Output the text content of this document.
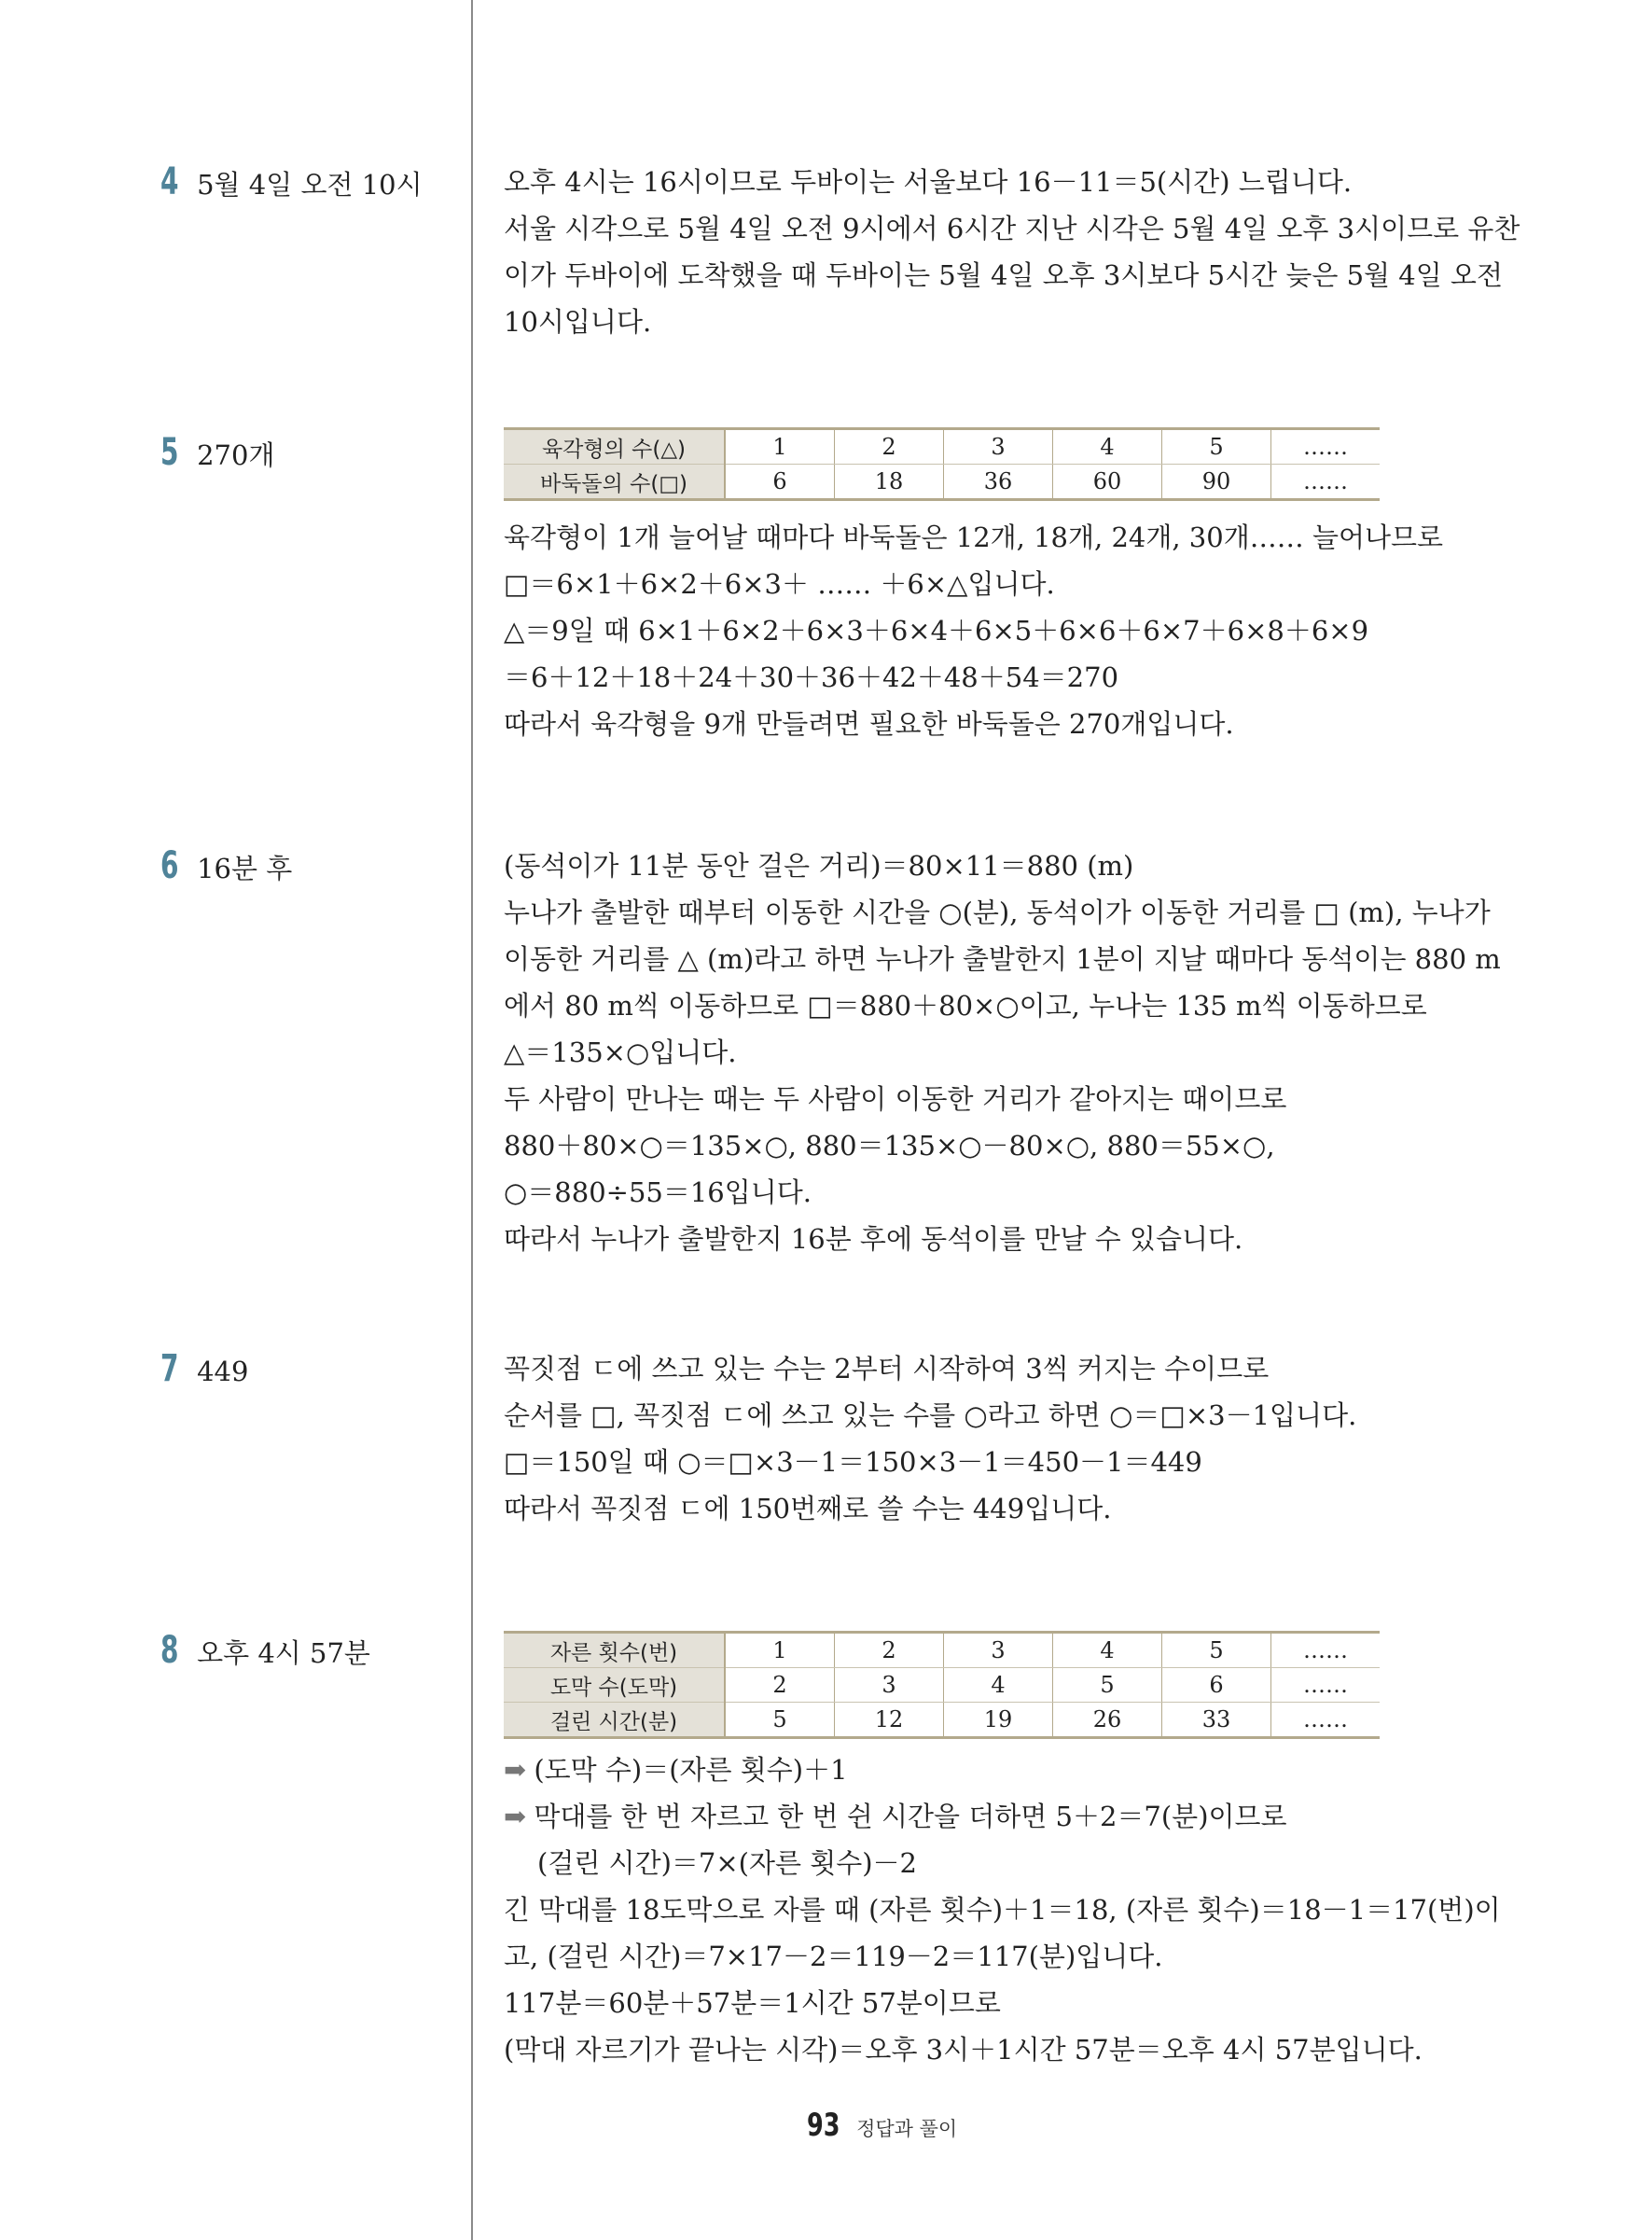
4 5월 4일 오전 10시	오후 4시는 16시이므로 두바이는 서울보다 16－11＝5(시간) 느립니다.

서울 시각으로 5월 4일 오전 9시에서 6시간 지난 시각은 5월 4일 오후 3시이므로 유찬

이가 두바이에 도착했을 때 두바이는 5월 4일 오후 3시보다 5시간 늦은 5월 4일 오전

10시입니다.

5 270개	육각형의 수(△)	1	2	3	4	5	……
바둑돌의 수(□)	6	18	36	60	90	……

육각형이 1개 늘어날 때마다 바둑돌은 12개, 18개, 24개, 30개…… 늘어나므로

□＝6×1＋6×2＋6×3＋ …… ＋6×△입니다.

△＝9일 때 6×1＋6×2＋6×3＋6×4＋6×5＋6×6＋6×7＋6×8＋6×9

＝6＋12＋18＋24＋30＋36＋42＋48＋54＝270

따라서 육각형을 9개 만들려면 필요한 바둑돌은 270개입니다.

6 16분 후	(동석이가 11분 동안 걸은 거리)＝80×11＝880 (m)

누나가 출발한 때부터 이동한 시간을 ○(분), 동석이가 이동한 거리를 □ (m), 누나가

이동한 거리를 △ (m)라고 하면 누나가 출발한지 1분이 지날 때마다 동석이는 880 m

에서 80 m씩 이동하므로 □＝880＋80×○이고, 누나는 135 m씩 이동하므로

△＝135×○입니다.

두 사람이 만나는 때는 두 사람이 이동한 거리가 같아지는 때이므로

880＋80×○＝135×○, 880＝135×○－80×○, 880＝55×○,

○＝880÷55＝16입니다.

따라서 누나가 출발한지 16분 후에 동석이를 만날 수 있습니다.

7 449	꼭짓점 ㄷ에 쓰고 있는 수는 2부터 시작하여 3씩 커지는 수이므로

순서를 □, 꼭짓점 ㄷ에 쓰고 있는 수를 ○라고 하면 ○＝□×3－1입니다.

□＝150일 때 ○＝□×3－1＝150×3－1＝450－1＝449

따라서 꼭짓점 ㄷ에 150번째로 쓸 수는 449입니다.

8 오후 4시 57분	자른 횟수(번)	1	2	3	4	5	……
도막 수(도막)	2	3	4	5	6	……
걸린 시간(분)	5	12	19	26	33	……

➡ (도막 수)＝(자른 횟수)＋1

➡ 막대를 한 번 자르고 한 번 쉰 시간을 더하면 5＋2＝7(분)이므로

(걸린 시간)＝7×(자른 횟수)－2

긴 막대를 18도막으로 자를 때 (자른 횟수)＋1＝18, (자른 횟수)＝18－1＝17(번)이

고, (걸린 시간)＝7×17－2＝119－2＝117(분)입니다.

117분＝60분＋57분＝1시간 57분이므로

(막대 자르기가 끝나는 시각)＝오후 3시＋1시간 57분＝오후 4시 57분입니다.

93 정답과 풀이
